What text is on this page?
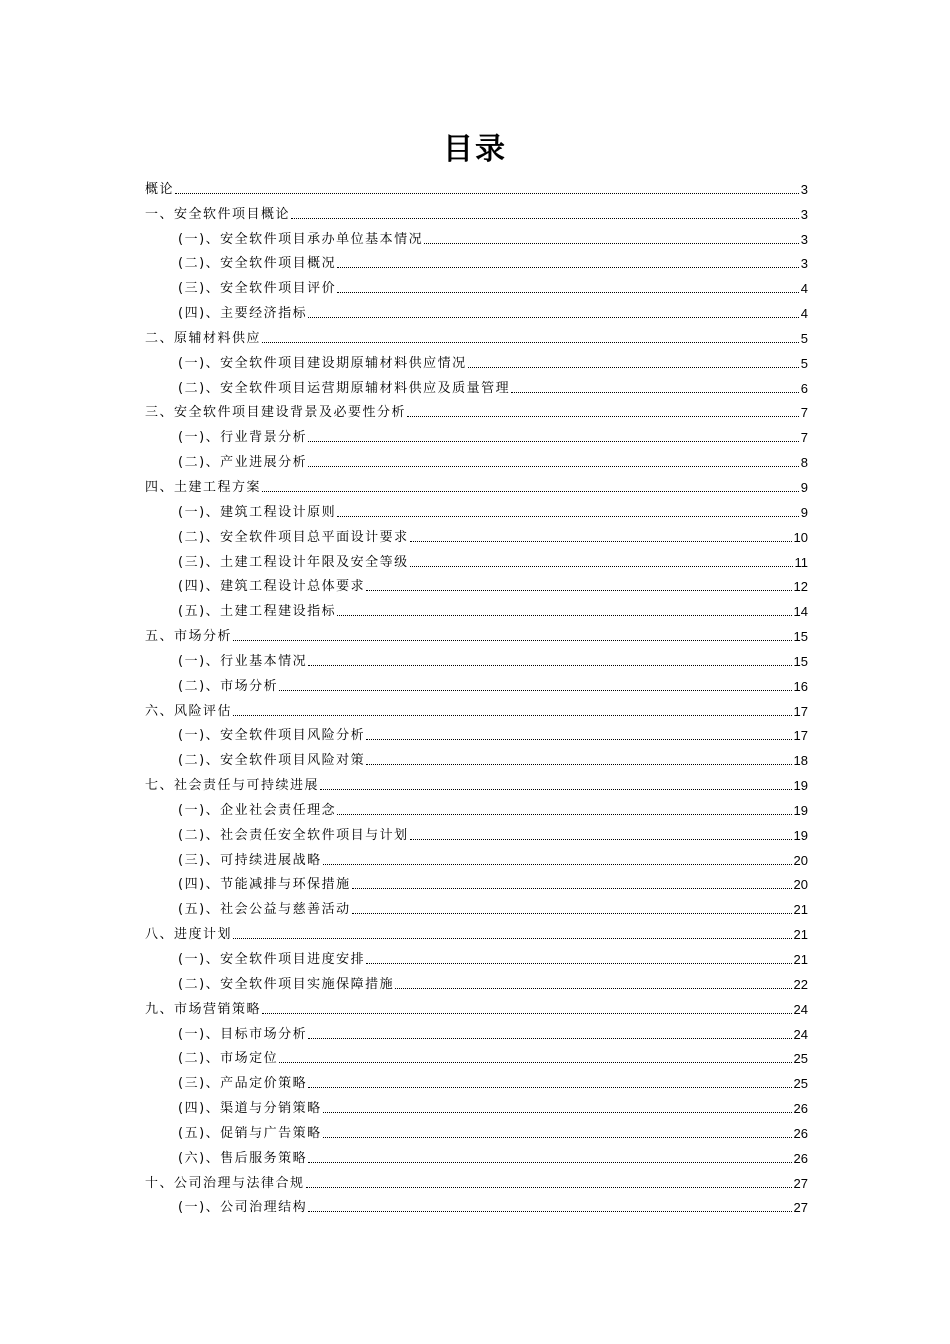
目录
概论	3
一、安全软件项目概论	3
(一)、安全软件项目承办单位基本情况	3
(二)、安全软件项目概况	3
(三)、安全软件项目评价	4
(四)、主要经济指标	4
二、原辅材料供应	5
(一)、安全软件项目建设期原辅材料供应情况	5
(二)、安全软件项目运营期原辅材料供应及质量管理	6
三、安全软件项目建设背景及必要性分析	7
(一)、行业背景分析	7
(二)、产业进展分析	8
四、土建工程方案	9
(一)、建筑工程设计原则	9
(二)、安全软件项目总平面设计要求	10
(三)、土建工程设计年限及安全等级	11
(四)、建筑工程设计总体要求	12
(五)、土建工程建设指标	14
五、市场分析	15
(一)、行业基本情况	15
(二)、市场分析	16
六、风险评估	17
(一)、安全软件项目风险分析	17
(二)、安全软件项目风险对策	18
七、社会责任与可持续进展	19
(一)、企业社会责任理念	19
(二)、社会责任安全软件项目与计划	19
(三)、可持续进展战略	20
(四)、节能减排与环保措施	20
(五)、社会公益与慈善活动	21
八、进度计划	21
(一)、安全软件项目进度安排	21
(二)、安全软件项目实施保障措施	22
九、市场营销策略	24
(一)、目标市场分析	24
(二)、市场定位	25
(三)、产品定价策略	25
(四)、渠道与分销策略	26
(五)、促销与广告策略	26
(六)、售后服务策略	26
十、公司治理与法律合规	27
(一)、公司治理结构	27
